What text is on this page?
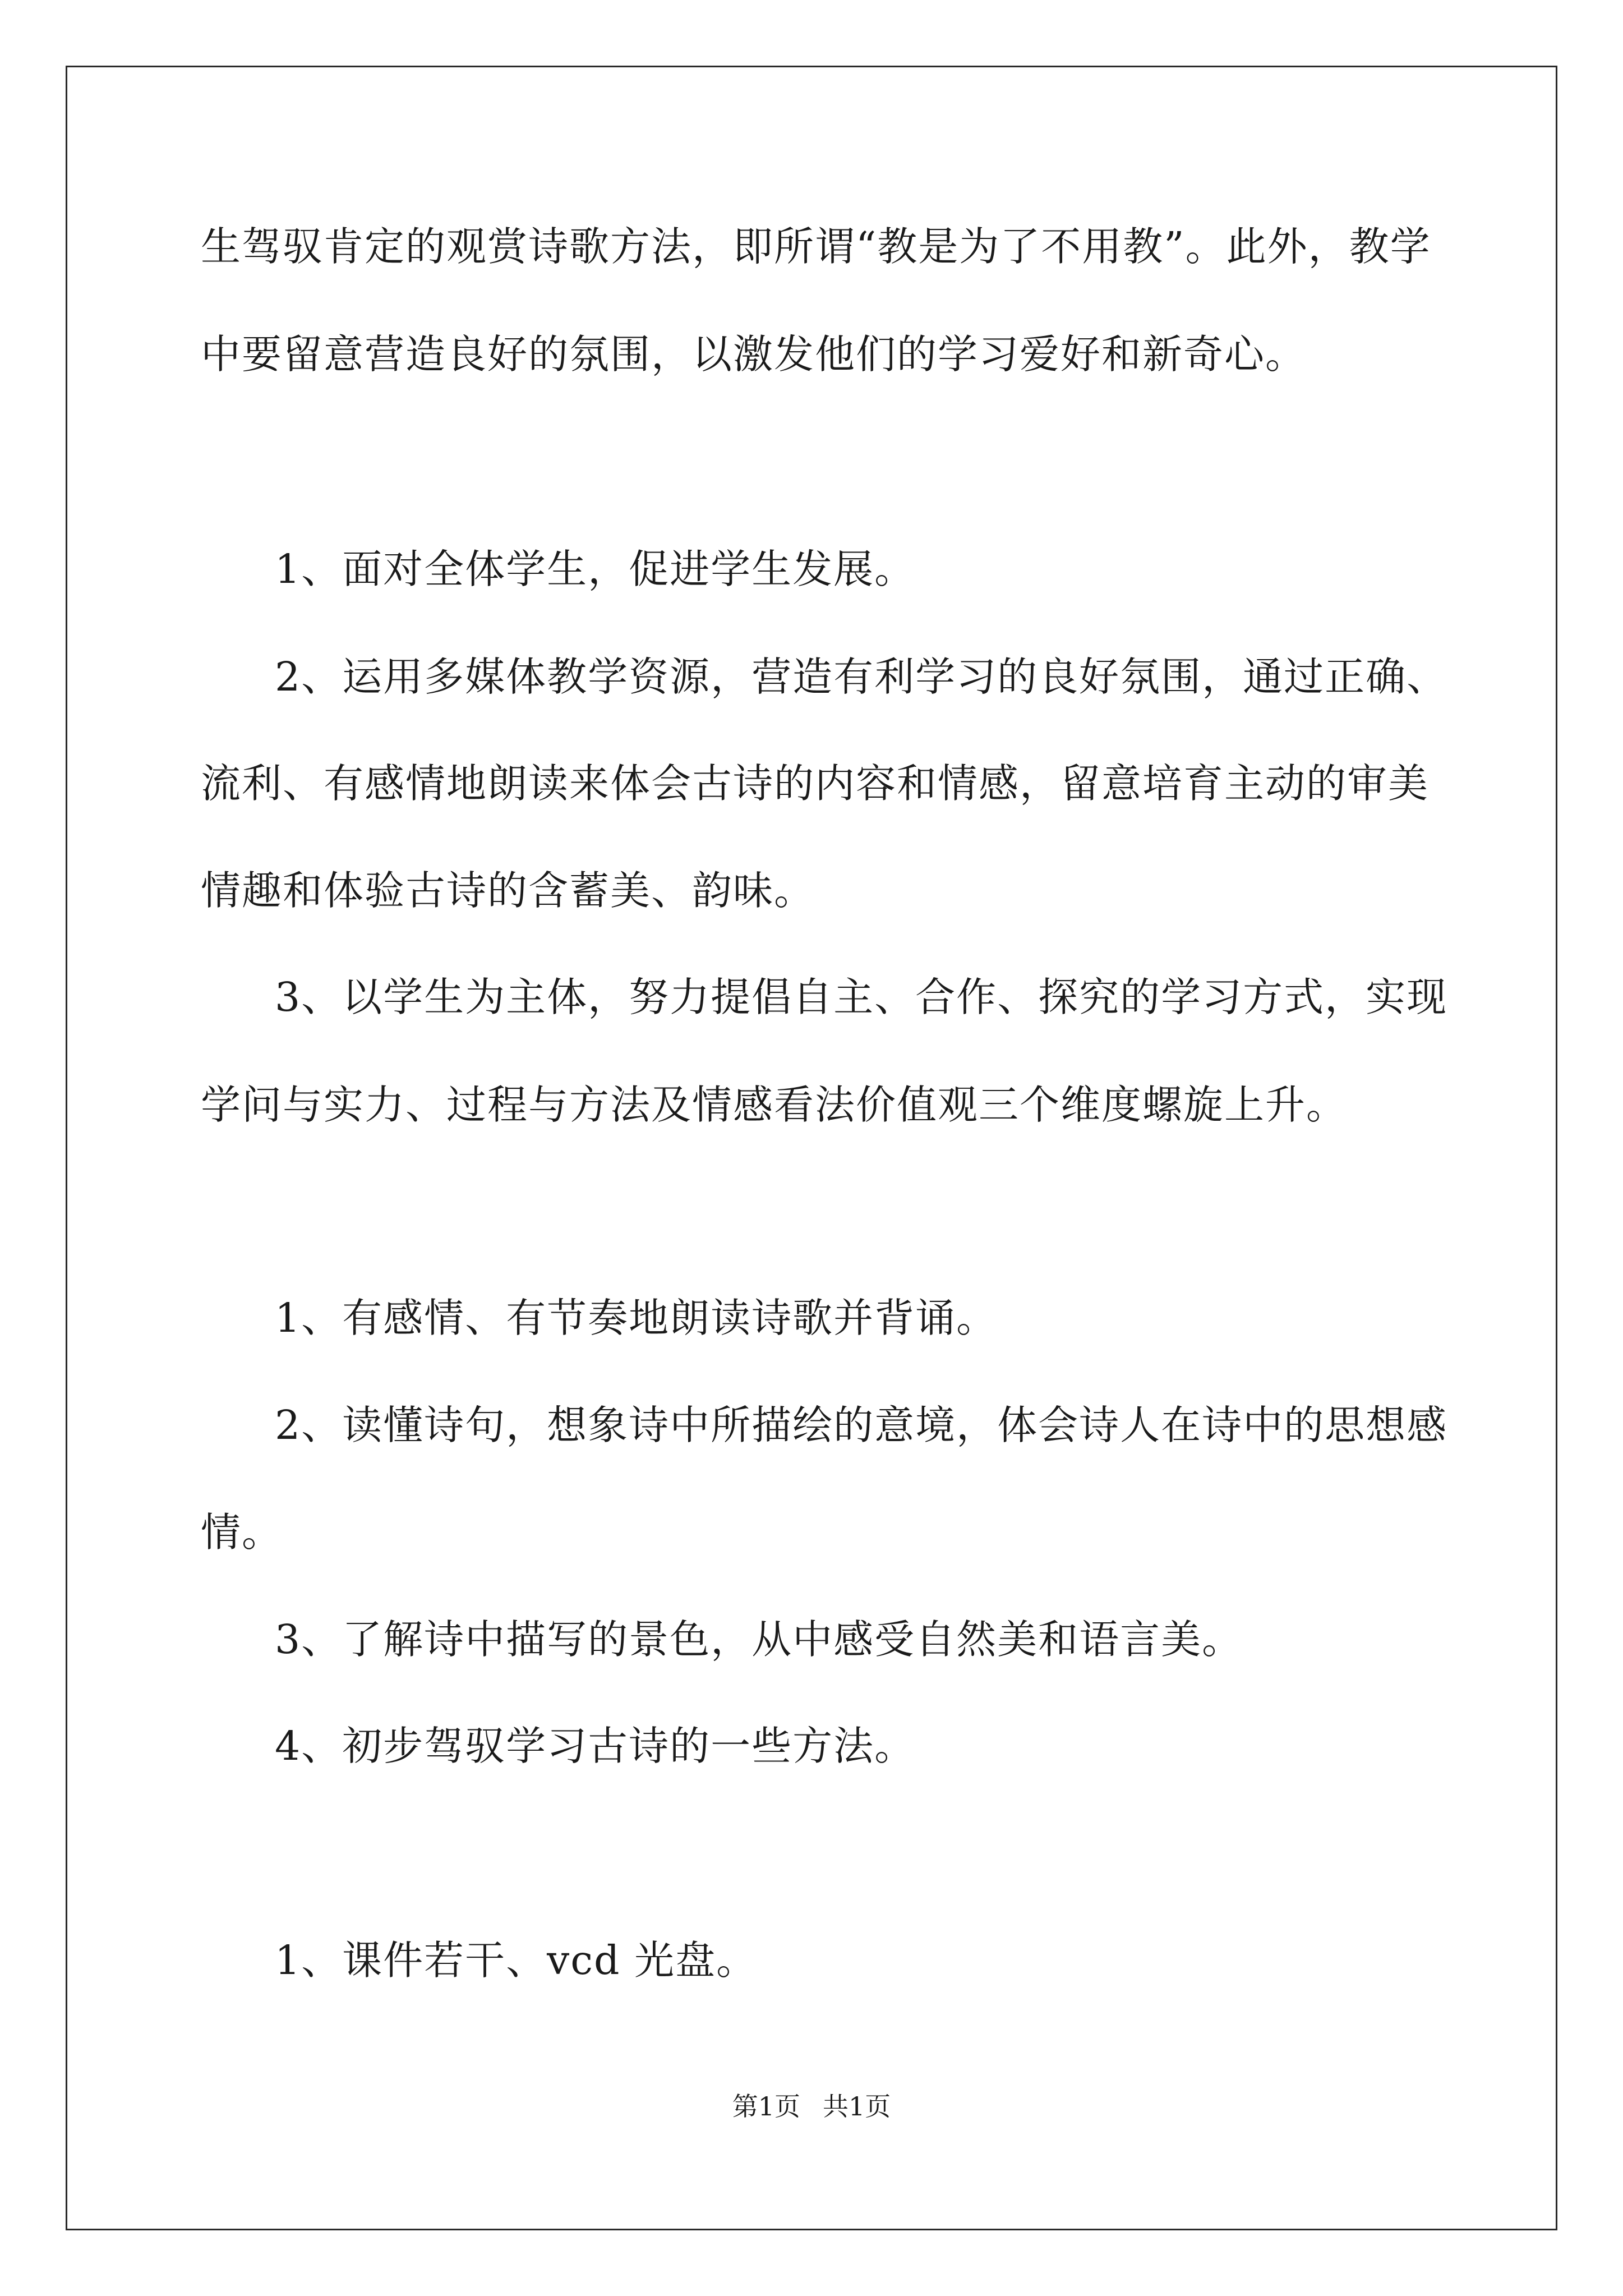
生驾驭肯定的观赏诗歌方法，即所谓“教是为了不用教”。此外，教学
中要留意营造良好的氛围，以激发他们的学习爱好和新奇心。
1、面对全体学生，促进学生发展。
2、运用多媒体教学资源，营造有利学习的良好氛围，通过正确、
流利、有感情地朗读来体会古诗的内容和情感，留意培育主动的审美
情趣和体验古诗的含蓄美、韵味。
3、以学生为主体，努力提倡自主、合作、探究的学习方式，实现
学问与实力、过程与方法及情感看法价值观三个维度螺旋上升。
1、有感情、有节奏地朗读诗歌并背诵。
2、读懂诗句，想象诗中所描绘的意境，体会诗人在诗中的思想感
情。
3、了解诗中描写的景色，从中感受自然美和语言美。
4、初步驾驭学习古诗的一些方法。
1、课件若干、vcd 光盘。
第1页 共1页
